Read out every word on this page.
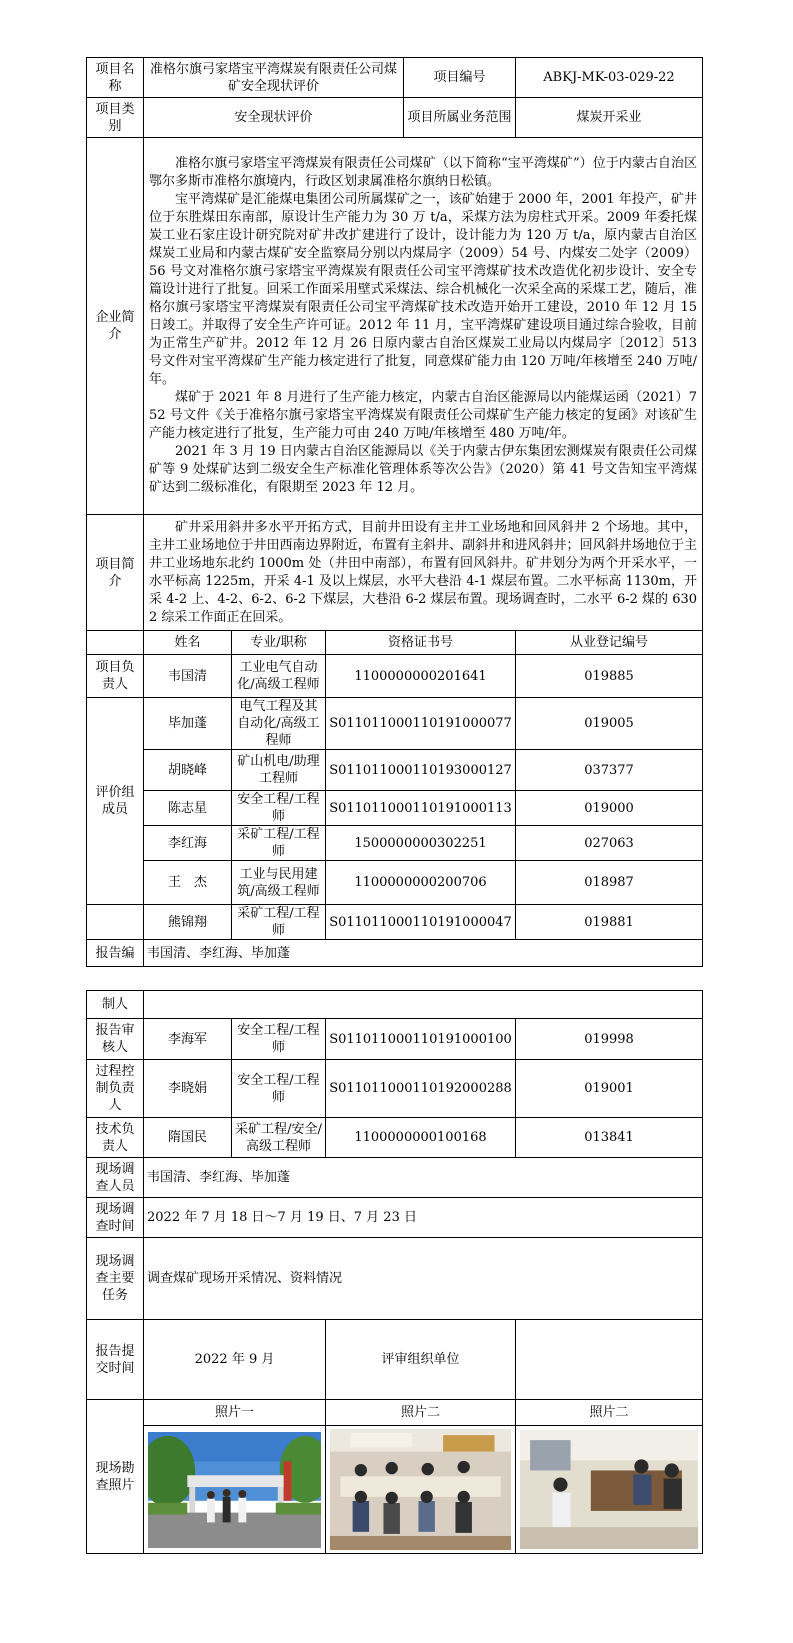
项目名称	准格尔旗弓家塔宝平湾煤炭有限责任公司煤矿安全现状评价			项目编号	ABKJ-MK-03-029-22
项目类别	安全现状评价			项目所属业务范围	煤炭开采业
企业简介	准格尔旗弓家塔宝平湾煤炭有限责任公司煤矿（以下简称“宝平湾煤矿”）位于内蒙古自治区鄂尔多斯市准格尔旗境内，行政区划隶属准格尔旗纳日松镇。

宝平湾煤矿是汇能煤电集团公司所属煤矿之一，该矿始建于 2000 年，2001 年投产，矿井位于东胜煤田东南部，原设计生产能力为 30 万 t/a，采煤方法为房柱式开采。2009 年委托煤炭工业石家庄设计研究院对矿井改扩建进行了设计，设计能力为 120 万 t/a，原内蒙古自治区煤炭工业局和内蒙古煤矿安全监察局分别以内煤局字（2009）54 号、内煤安二处字（2009）56 号文对准格尔旗弓家塔宝平湾煤炭有限责任公司宝平湾煤矿技术改造优化初步设计、安全专篇设计进行了批复。回采工作面采用壁式采煤法、综合机械化一次采全高的采煤工艺，随后，准格尔旗弓家塔宝平湾煤炭有限责任公司宝平湾煤矿技术改造开始开工建设，2010 年 12 月 15 日竣工。并取得了安全生产许可证。2012 年 11 月，宝平湾煤矿建设项目通过综合验收，目前为正常生产矿井。2012 年 12 月 26 日原内蒙古自治区煤炭工业局以内煤局字〔2012〕513 号文件对宝平湾煤矿生产能力核定进行了批复，同意煤矿能力由 120 万吨/年核增至 240 万吨/年。

煤矿于 2021 年 8 月进行了生产能力核定，内蒙古自治区能源局以内能煤运函（2021）752 号文件《关于准格尔旗弓家塔宝平湾煤炭有限责任公司煤矿生产能力核定的复函》对该矿生产能力核定进行了批复，生产能力可由 240 万吨/年核增至 480 万吨/年。

2021 年 3 月 19 日内蒙古自治区能源局以《关于内蒙古伊东集团宏测煤炭有限责任公司煤矿等 9 处煤矿达到二级安全生产标准化管理体系等次公告》（2020）第 41 号文告知宝平湾煤矿达到二级标准化，有限期至 2023 年 12 月。				

项目简介	矿井采用斜井多水平开拓方式，目前井田设有主井工业场地和回风斜井 2 个场地。其中，主井工业场地位于井田西南边界附近，布置有主斜井、副斜井和进风斜井；回风斜井场地位于主井工业场地东北约 1000m 处（井田中南部），布置有回风斜井。矿井划分为两个开采水平，一水平标高 1225m，开采 4-1 及以上煤层，水平大巷沿 4-1 煤层布置。二水平标高 1130m，开采 4-2 上、4-2、6-2、6-2 下煤层，大巷沿 6-2 煤层布置。现场调查时，二水平 6-2 煤的 6302 综采工作面正在回采。				

	姓名	专业/职称	资格证书号		从业登记编号
项目负责人	韦国清	工业电气自动化/高级工程师	1100000000201641		019885
评价组成员	毕加蓬	电气工程及其自动化/高级工程师	S011011000110191000077		019005
	胡晓峰	矿山机电/助理工程师	S011011000110193000127		037377
	陈志星	安全工程/工程师	S011011000110191000113		019000
	李红海	采矿工程/工程师	1500000000302251		027063
	王　杰	工业与民用建筑/高级工程师	1100000000200706		018987
	熊锦翔	采矿工程/工程师	S011011000110191000047		019881
报告编	韦国清、李红海、毕加蓬				
制人				
报告审核人	李海军	安全工程/工程师	S011011000110191000100	019998
过程控制负责人	李晓娟	安全工程/工程师	S011011000110192000288	019001
技术负责人	隋国民	采矿工程/安全/高级工程师	1100000000100168	013841
现场调查人员	韦国清、李红海、毕加蓬			
现场调查时间	2022 年 7 月 18 日～7 月 19 日、7 月 23 日			
现场调查主要任务	调查煤矿现场开采情况、资料情况			
报告提交时间	2022 年 9 月		评审组织单位	
现场勘查照片	照片一		照片二	照片二
